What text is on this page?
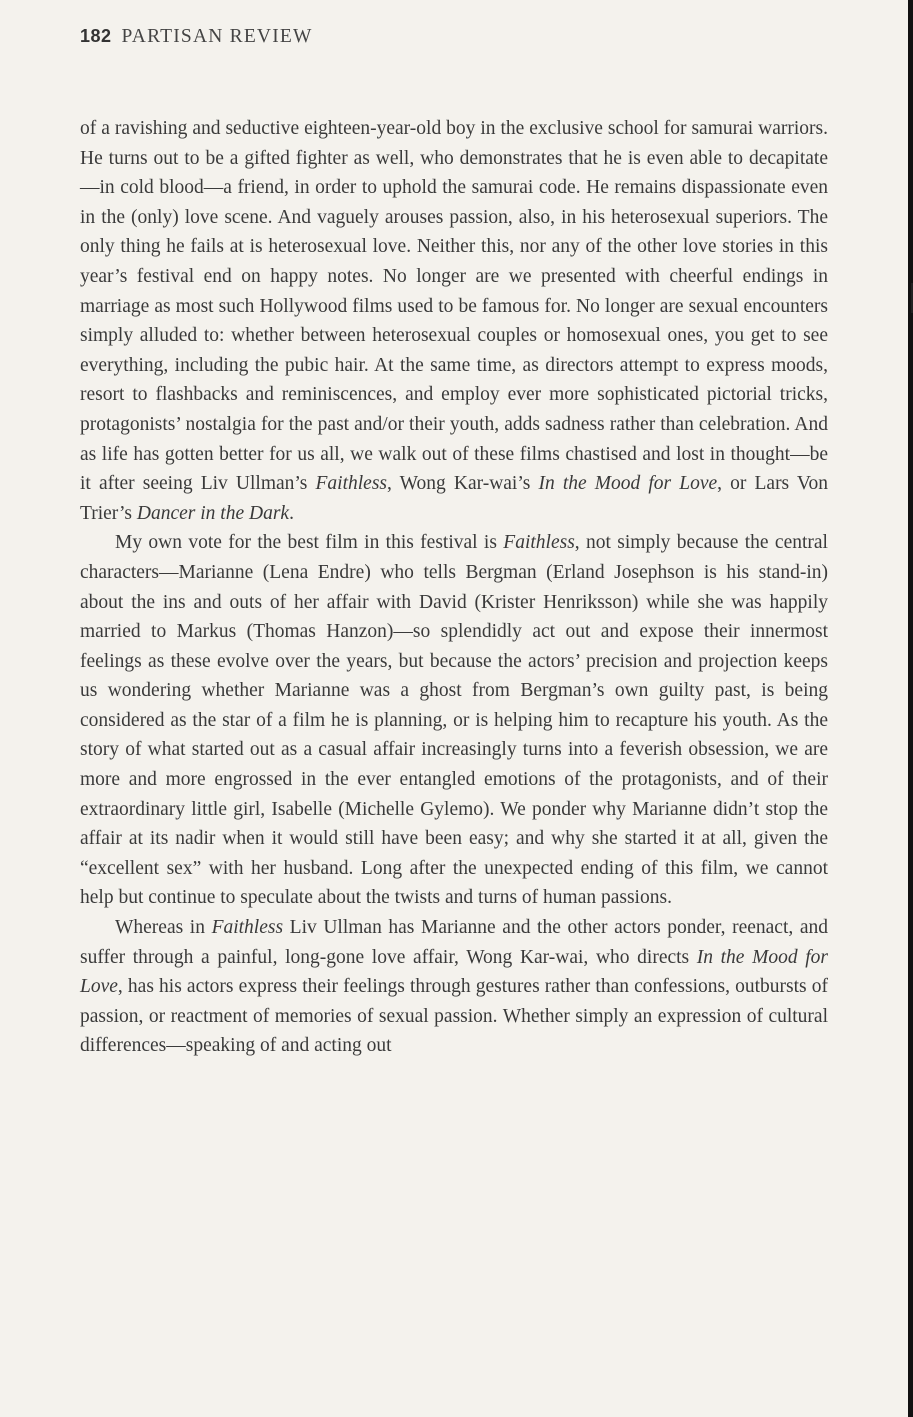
182 PARTISAN REVIEW

of a ravishing and seductive eighteen-year-old boy in the exclusive school for samurai warriors. He turns out to be a gifted fighter as well, who demonstrates that he is even able to decapitate—in cold blood—a friend, in order to uphold the samurai code. He remains dispassionate even in the (only) love scene. And vaguely arouses passion, also, in his heterosexual superiors. The only thing he fails at is heterosexual love. Neither this, nor any of the other love stories in this year’s festival end on happy notes. No longer are we presented with cheerful endings in marriage as most such Hollywood films used to be famous for. No longer are sexual encounters simply alluded to: whether between heterosexual couples or homosexual ones, you get to see everything, including the pubic hair. At the same time, as directors attempt to express moods, resort to flashbacks and reminiscences, and employ ever more sophisticated pictorial tricks, protagonists’ nostalgia for the past and/or their youth, adds sadness rather than celebration. And as life has gotten better for us all, we walk out of these films chastised and lost in thought—be it after seeing Liv Ullman’s Faithless, Wong Kar-wai’s In the Mood for Love, or Lars Von Trier’s Dancer in the Dark.

My own vote for the best film in this festival is Faithless, not simply because the central characters—Marianne (Lena Endre) who tells Bergman (Erland Josephson is his stand-in) about the ins and outs of her affair with David (Krister Henriksson) while she was happily married to Markus (Thomas Hanzon)—so splendidly act out and expose their innermost feelings as these evolve over the years, but because the actors’ precision and projection keeps us wondering whether Marianne was a ghost from Bergman’s own guilty past, is being considered as the star of a film he is planning, or is helping him to recapture his youth. As the story of what started out as a casual affair increasingly turns into a feverish obsession, we are more and more engrossed in the ever entangled emotions of the protagonists, and of their extraordinary little girl, Isabelle (Michelle Gylemo). We ponder why Marianne didn’t stop the affair at its nadir when it would still have been easy; and why she started it at all, given the “excellent sex” with her husband. Long after the unexpected ending of this film, we cannot help but continue to speculate about the twists and turns of human passions.

Whereas in Faithless Liv Ullman has Marianne and the other actors ponder, reenact, and suffer through a painful, long-gone love affair, Wong Kar-wai, who directs In the Mood for Love, has his actors express their feelings through gestures rather than confessions, outbursts of passion, or reactment of memories of sexual passion. Whether simply an expression of cultural differences—speaking of and acting out
